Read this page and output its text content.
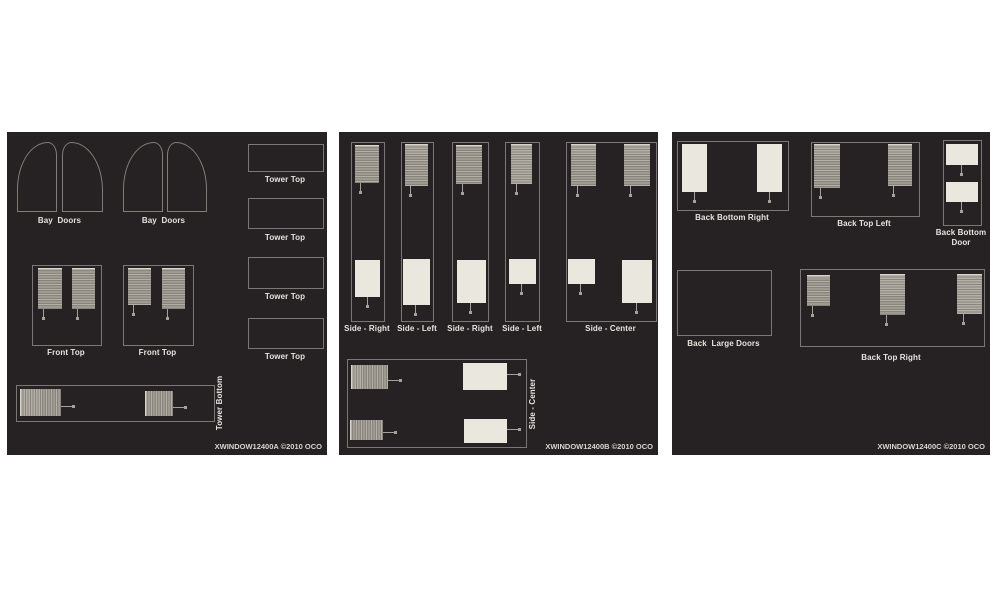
Bay  Doors	Bay  Doors
Tower Top
Tower Top
Tower Top
Tower Top
Front Top	Front Top
Tower Bottom
XWINDOW12400A ©2010 OCO
Side - Right Side - Left	Side - Right	Side - Left	Side - Center
Side - Center
XWINDOW12400B ©2010 OCO
Back Bottom Right
Back Top Left
Back Bottom
Door
Back  Large Doors
Back Top Right
XWINDOW12400C ©2010 OCO
